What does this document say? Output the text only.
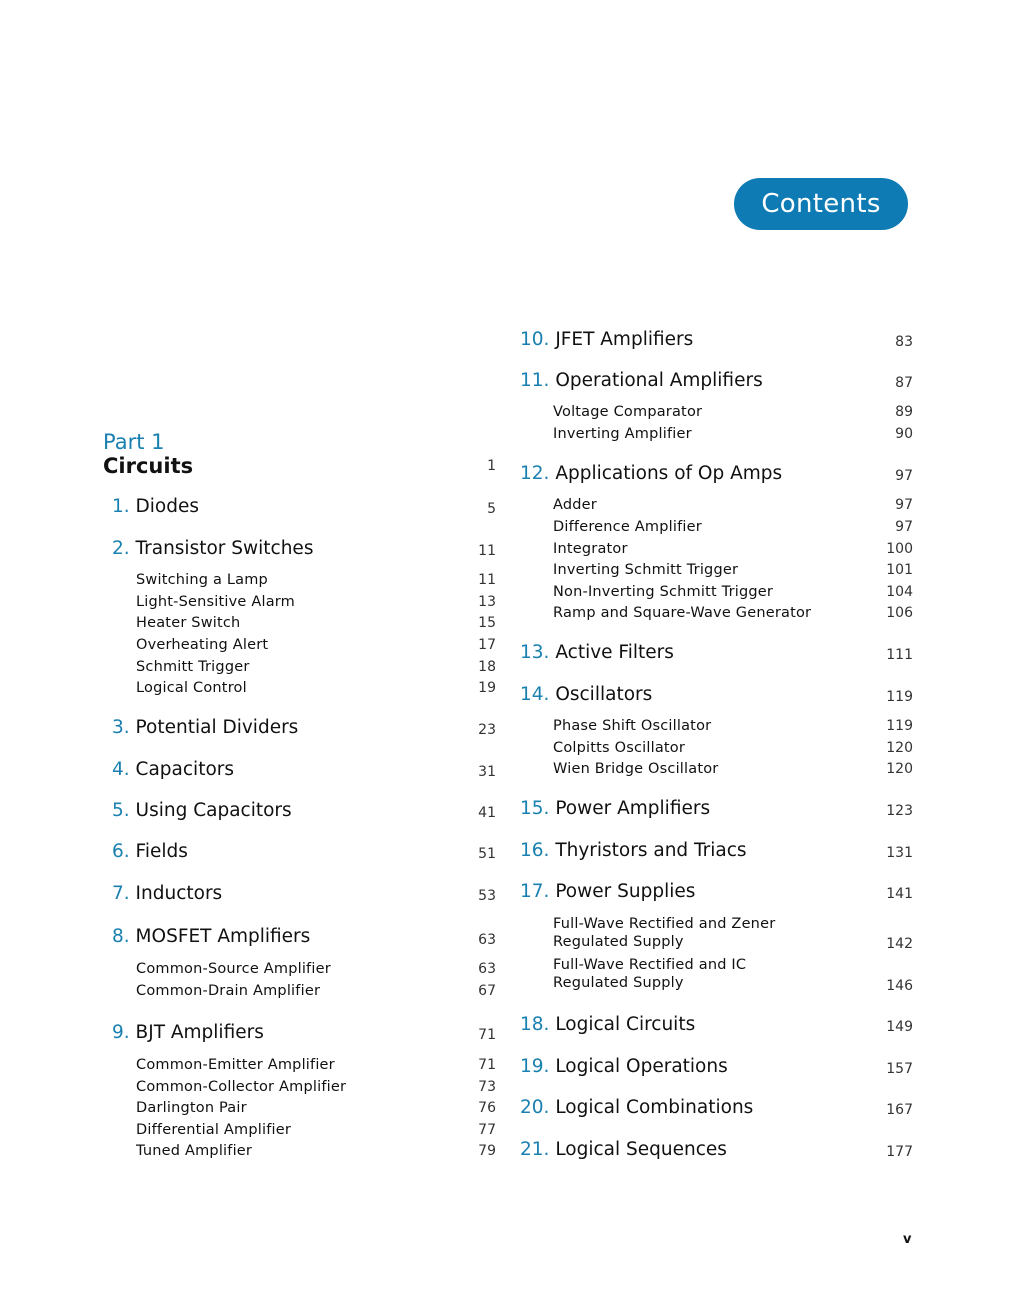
Contents
Part 1
Circuits	1
1. Diodes	5
2. Transistor Switches	11
Switching a Lamp	11
Light-Sensitive Alarm	13
Heater Switch	15
Overheating Alert	17
Schmitt Trigger	18
Logical Control	19
3. Potential Dividers	23
4. Capacitors	31
5. Using Capacitors	41
6. Fields	51
7. Inductors	53
8. MOSFET Amplifiers	63
Common-Source Amplifier	63
Common-Drain Amplifier	67
9. BJT Amplifiers	71
Common-Emitter Amplifier	71
Common-Collector Amplifier	73
Darlington Pair	76
Differential Amplifier	77
Tuned Amplifier	79
10. JFET Amplifiers	83
11. Operational Amplifiers	87
Voltage Comparator	89
Inverting Amplifier	90
12. Applications of Op Amps	97
Adder	97
Difference Amplifier	97
Integrator	100
Inverting Schmitt Trigger	101
Non-Inverting Schmitt Trigger	104
Ramp and Square-Wave Generator	106
13. Active Filters	111
14. Oscillators	119
Phase Shift Oscillator	119
Colpitts Oscillator	120
Wien Bridge Oscillator	120
15. Power Amplifiers	123
16. Thyristors and Triacs	131
17. Power Supplies	141
Full-Wave Rectified and Zener
Regulated Supply	142
Full-Wave Rectified and IC
Regulated Supply	146
18. Logical Circuits	149
19. Logical Operations	157
20. Logical Combinations	167
21. Logical Sequences	177
v
